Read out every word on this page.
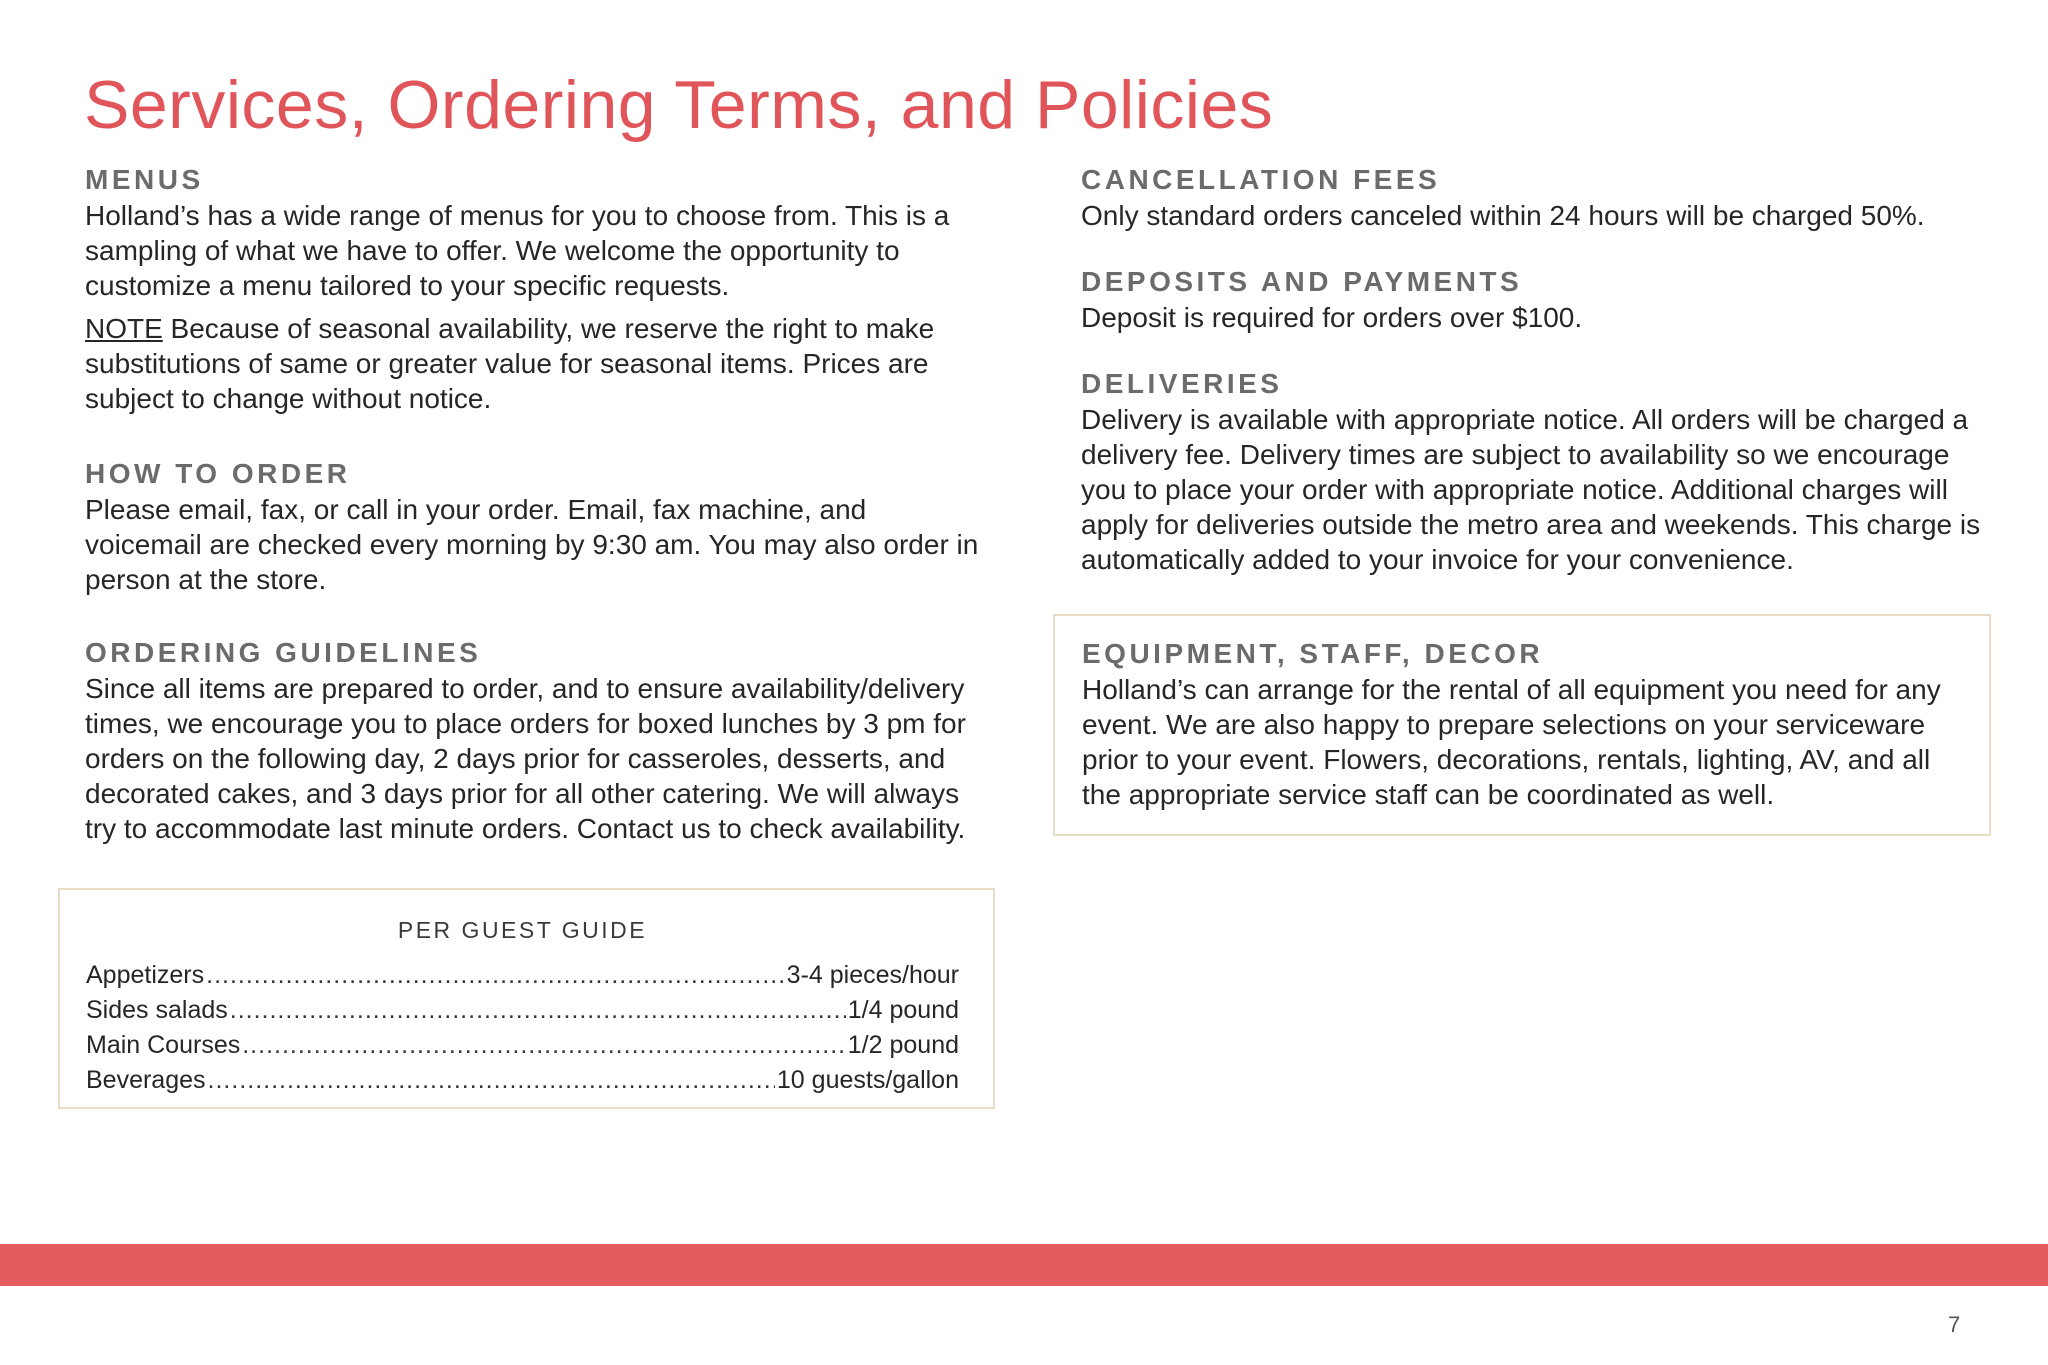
Services, Ordering Terms, and Policies
MENUS

Holland’s has a wide range of menus for you to choose from. This is a sampling of what we have to offer. We welcome the opportunity to customize a menu tailored to your specific requests.

NOTE Because of seasonal availability, we reserve the right to make substitutions of same or greater value for seasonal items. Prices are subject to change without notice.

HOW TO ORDER

Please email, fax, or call in your order. Email, fax machine, and voicemail are checked every morning by 9:30 am. You may also order in person at the store.

ORDERING GUIDELINES

Since all items are prepared to order, and to ensure availability/delivery times, we encourage you to place orders for boxed lunches by 3 pm for orders on the following day, 2 days prior for casseroles, desserts, and decorated cakes, and 3 days prior for all other catering. We will always try to accommodate last minute orders. Contact us to check availability.

PER GUEST GUIDE
Appetizers .....	3-4 pieces/hour
Sides salads .....	1/4 pound
Main Courses .....	1/2 pound
Beverages .....	10 guests/gallon
CANCELLATION FEES

Only standard orders canceled within 24 hours will be charged 50%.

DEPOSITS AND PAYMENTS

Deposit is required for orders over $100.

DELIVERIES

Delivery is available with appropriate notice. All orders will be charged a delivery fee. Delivery times are subject to availability so we encourage you to place your order with appropriate notice. Additional charges will apply for deliveries outside the metro area and weekends. This charge is automatically added to your invoice for your convenience.

EQUIPMENT, STAFF, DECOR

Holland’s can arrange for the rental of all equipment you need for any event. We are also happy to prepare selections on your serviceware prior to your event. Flowers, decorations, rentals, lighting, AV, and all the appropriate service staff can be coordinated as well.

7
